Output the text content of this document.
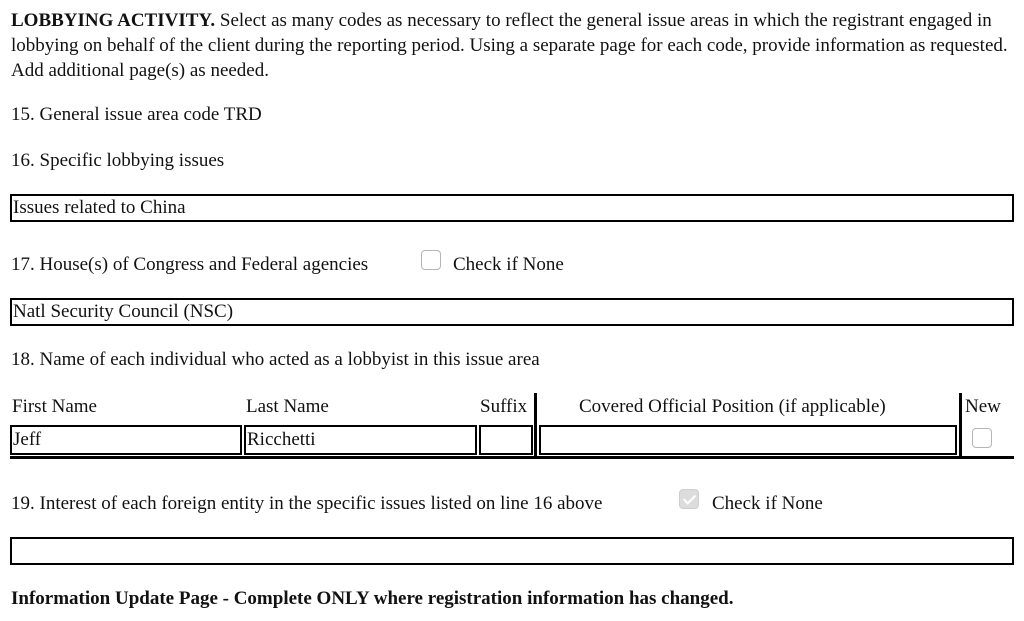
LOBBYING ACTIVITY. Select as many codes as necessary to reflect the general issue areas in which the registrant engaged in lobbying on behalf of the client during the reporting period. Using a separate page for each code, provide information as requested. Add additional page(s) as needed.
15. General issue area code TRD
16. Specific lobbying issues
Issues related to China
17. House(s) of Congress and Federal agencies	Check if None
Natl Security Council (NSC)
18. Name of each individual who acted as a lobbyist in this issue area
First Name	Last Name	Suffix	Covered Official Position (if applicable)	New
Jeff	Ricchetti
19. Interest of each foreign entity in the specific issues listed on line 16 above	Check if None
Information Update Page - Complete ONLY where registration information has changed.
